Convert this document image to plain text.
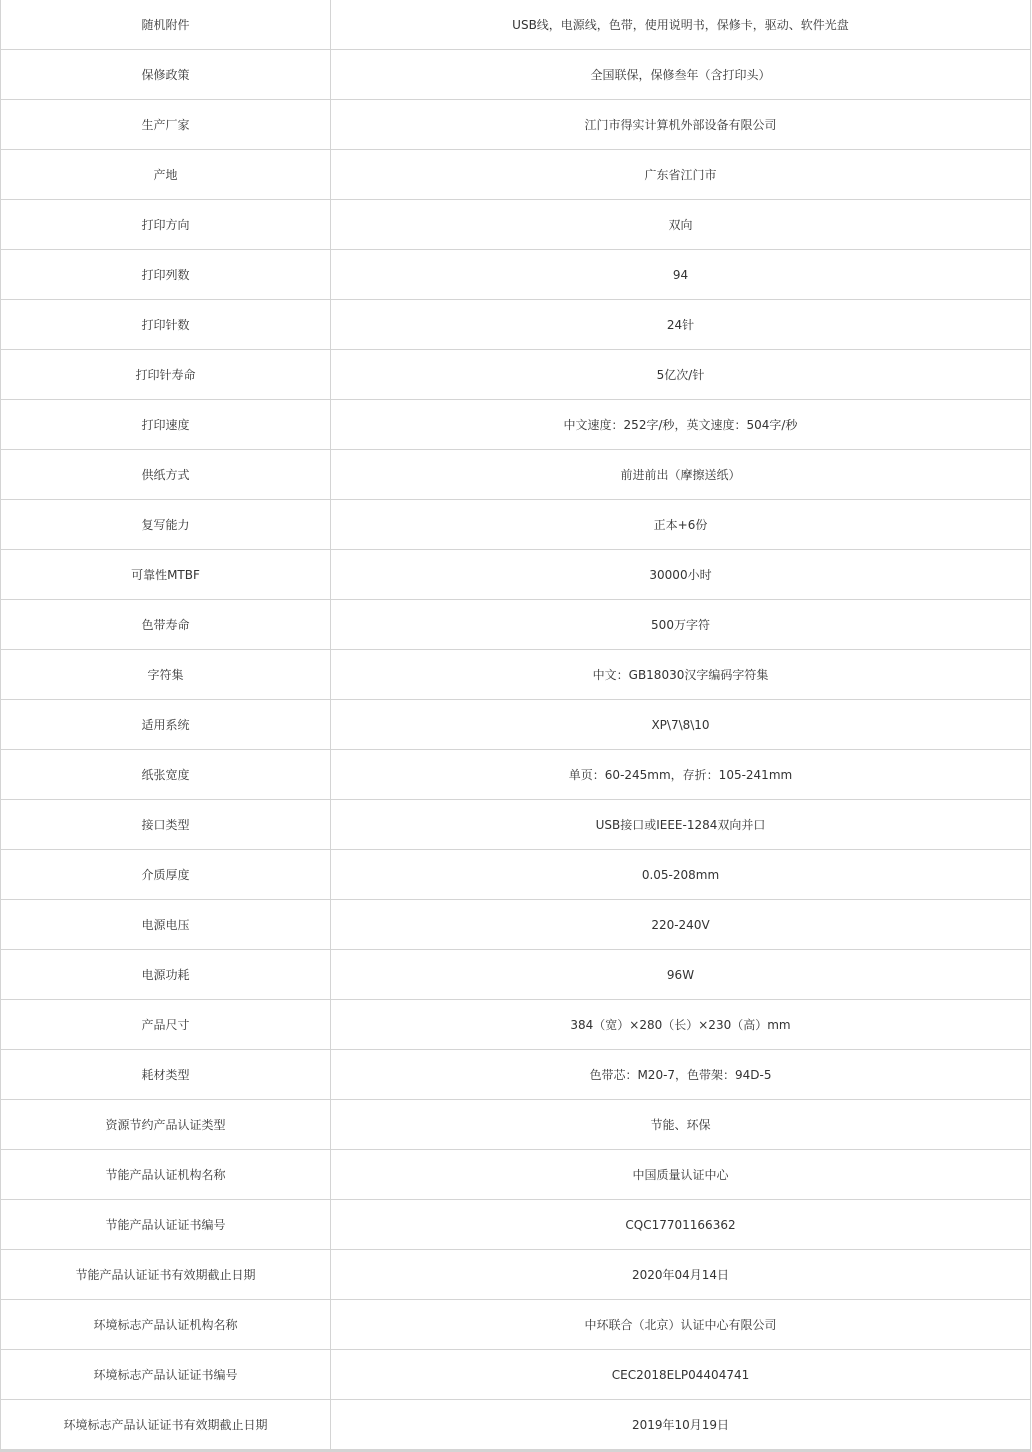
随机附件	USB线，电源线，色带，使用说明书，保修卡，驱动、软件光盘
保修政策	全国联保，保修叁年（含打印头）
生产厂家	江门市得实计算机外部设备有限公司
产地	广东省江门市
打印方向	双向
打印列数	94
打印针数	24针
打印针寿命	5亿次/针
打印速度	中文速度：252字/秒，英文速度：504字/秒
供纸方式	前进前出（摩擦送纸）
复写能力	正本+6份
可靠性MTBF	30000小时
色带寿命	500万字符
字符集	中文：GB18030汉字编码字符集
适用系统	XP\7\8\10
纸张宽度	单页：60-245mm，存折：105-241mm
接口类型	USB接口或IEEE-1284双向并口
介质厚度	0.05-208mm
电源电压	220-240V
电源功耗	96W
产品尺寸	384（宽）×280（长）×230（高）mm
耗材类型	色带芯：M20-7，色带架：94D-5
资源节约产品认证类型	节能、环保
节能产品认证机构名称	中国质量认证中心
节能产品认证证书编号	CQC17701166362
节能产品认证证书有效期截止日期	2020年04月14日
环境标志产品认证机构名称	中环联合（北京）认证中心有限公司
环境标志产品认证证书编号	CEC2018ELP04404741
环境标志产品认证证书有效期截止日期	2019年10月19日
